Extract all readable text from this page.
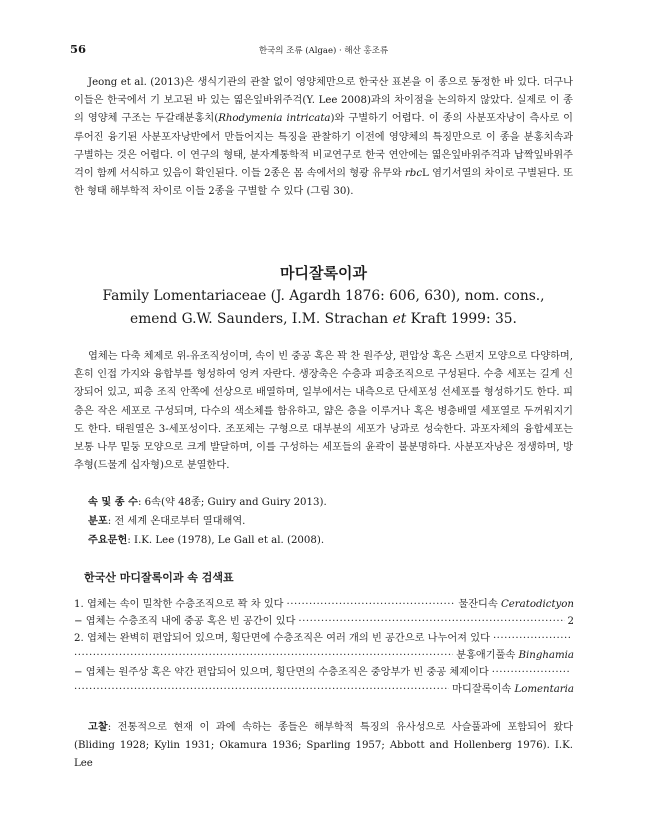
56	한국의 조류 (Algae) · 해산 홍조류

Jeong et al. (2013)은 생식기관의 관찰 없이 영양체만으로 한국산 표본을 이 종으로 동정한 바 있다. 더구나 이들은 한국에서 기 보고된 바 있는 엷은잎바위주걱(Y. Lee 2008)과의 차이점을 논의하지 않았다. 실제로 이 종의 영양체 구조는 두갈래분홍치(Rhodymenia intricata)와 구별하기 어렵다. 이 종의 사분포자낭이 측사로 이루어진 융기된 사분포자낭반에서 만들어지는 특징을 관찰하기 이전에 영양체의 특징만으로 이 종을 분홍치속과 구별하는 것은 어렵다. 이 연구의 형태, 분자계통학적 비교연구로 한국 연안에는 엷은잎바위주걱과 납짝잎바위주걱이 함께 서식하고 있음이 확인된다. 이들 2종은 몸 속에서의 형광 유무와 rbcL 염기서열의 차이로 구별된다. 또한 형태 해부학적 차이로 이들 2종을 구별할 수 있다 (그림 30).

마디잘록이과
Family Lomentariaceae (J. Agardh 1876: 606, 630), nom. cons.,
emend G.W. Saunders, I.M. Strachan et Kraft 1999: 35.

엽체는 다축 체제로 위-유조직성이며, 속이 빈 중공 혹은 꽉 찬 원주상, 편압상 혹은 스펀지 모양으로 다양하며, 흔히 인접 가지와 융합부를 형성하여 엉켜 자란다. 생장축은 수층과 피층조직으로 구성된다. 수층 세포는 길게 신장되어 있고, 피층 조직 안쪽에 선상으로 배열하며, 일부에서는 내측으로 단세포성 선세포를 형성하기도 한다. 피층은 작은 세포로 구성되며, 다수의 색소체를 함유하고, 얇은 층을 이루거나 혹은 병층배열 세포열로 두꺼워지기도 한다. 태원열은 3-세포성이다. 조포체는 구형으로 대부분의 세포가 낭과로 성숙한다. 과포자체의 융합세포는 보통 나무 밑둥 모양으로 크게 발달하며, 이를 구성하는 세포들의 윤곽이 불분명하다. 사분포자낭은 정생하며, 방추형(드물게 십자형)으로 분열한다.

속 및 종 수: 6속(약 48종; Guiry and Guiry 2013).
분포: 전 세계 온대로부터 열대해역.
주요문헌: I.K. Lee (1978), Le Gall et al. (2008).
한국산 마디잘록이과 속 검색표
1. 엽체는 속이 밀착한 수층조직으로 꽉 차 있다 ·····	물잔디속 Ceratodictyon
− 엽체는 수층조직 내에 중공 혹은 빈 공간이 있다 ·····	2
2. 엽체는 완벽히 편압되어 있으며, 횡단면에 수층조직은 여러 개의 빈 공간으로 나누어져 있다
·····
·····
분홍애기풀속 Binghamia
− 엽체는 원주상 혹은 약간 편압되어 있으며, 횡단면의 수층조직은 중앙부가 빈 중공 체제이다
·····
·····
마디잘록이속 Lomentaria

고찰: 전통적으로 현재 이 과에 속하는 종들은 해부학적 특징의 유사성으로 사슬풀과에 포함되어 왔다 (Bliding 1928; Kylin 1931; Okamura 1936; Sparling 1957; Abbott and Hollenberg 1976). I.K. Lee
